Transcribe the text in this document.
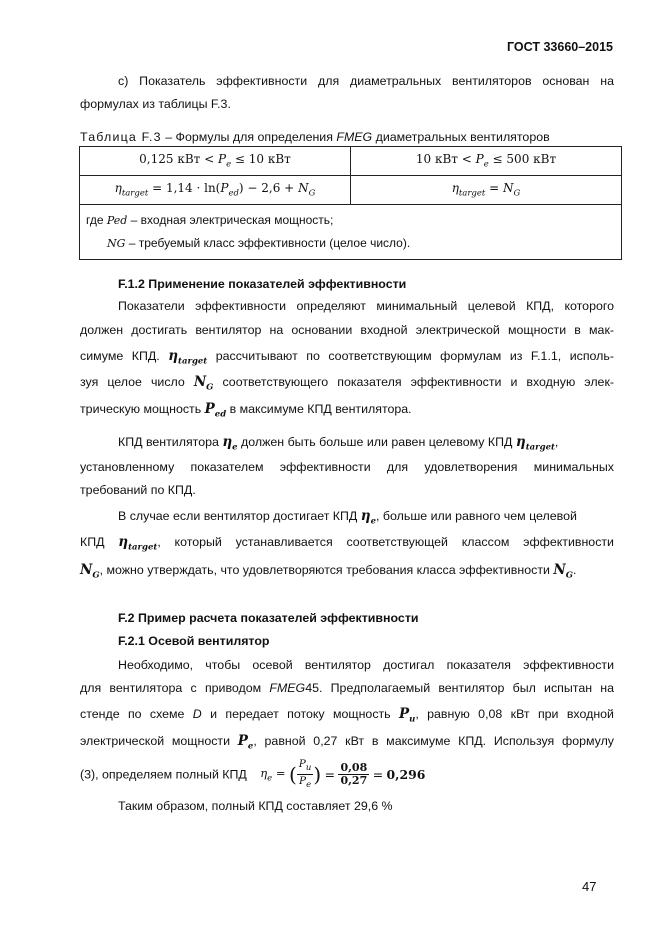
ГОСТ 33660–2015
c) Показатель эффективности для диаметральных вентиляторов основан на
формулах из таблицы F.3.
Таблица F.3 – Формулы для определения FMEG диаметральных вентиляторов
0,125 кВт < $P_e \le 10$ кВт	10 кВт < $P_e \le 500$ кВт
$\eta_{target} = 1,14 \cdot \ln(P_{ed}) - 2,6 + N_G$	$\eta_{target} = N_G$

где Ped – входная электрическая мощность;
NG – требуемый класс эффективности (целое число).	
F.1.2 Применение показателей эффективности
Показатели эффективности определяют минимальный целевой КПД, которого
должен достигать вентилятор на основании входной электрической мощности в мак-
симуме КПД. $\eta_{target}$ рассчитывают по соответствующим формулам из F.1.1, исполь-
зуя целое число $N_G$ соответствующего показателя эффективности и входную элек-
трическую мощность $P_{ed}$ в максимуме КПД вентилятора.
КПД вентилятора $\eta_e$ должен быть больше или равен целевому КПД $\eta_{target}$,
установленному показателем эффективности для удовлетворения минимальных
требований по КПД.
В случае если вентилятор достигает КПД $\eta_e$, больше или равного чем целевой
КПД $\eta_{target}$, который устанавливается соответствующей классом эффективности
$N_G$, можно утверждать, что удовлетворяются требования класса эффективности $N_G$.
F.2 Пример расчета показателей эффективности
F.2.1 Осевой вентилятор
Необходимо, чтобы осевой вентилятор достигал показателя эффективности
для вентилятора с приводом FMEG45. Предполагаемый вентилятор был испытан на
стенде по схеме D и передает потоку мощность $P_u$, равную 0,08 кВт при входной
электрической мощности $P_e$, равной 0,27 кВт в максимуме КПД. Используя формулу
(3), определяем полный КПД $\eta_e$ = ( $\frac{P_u}{P_e}$ ) = $\frac{0,08}{0,27} = 0,296$
Таким образом, полный КПД составляет 29,6 %
47
